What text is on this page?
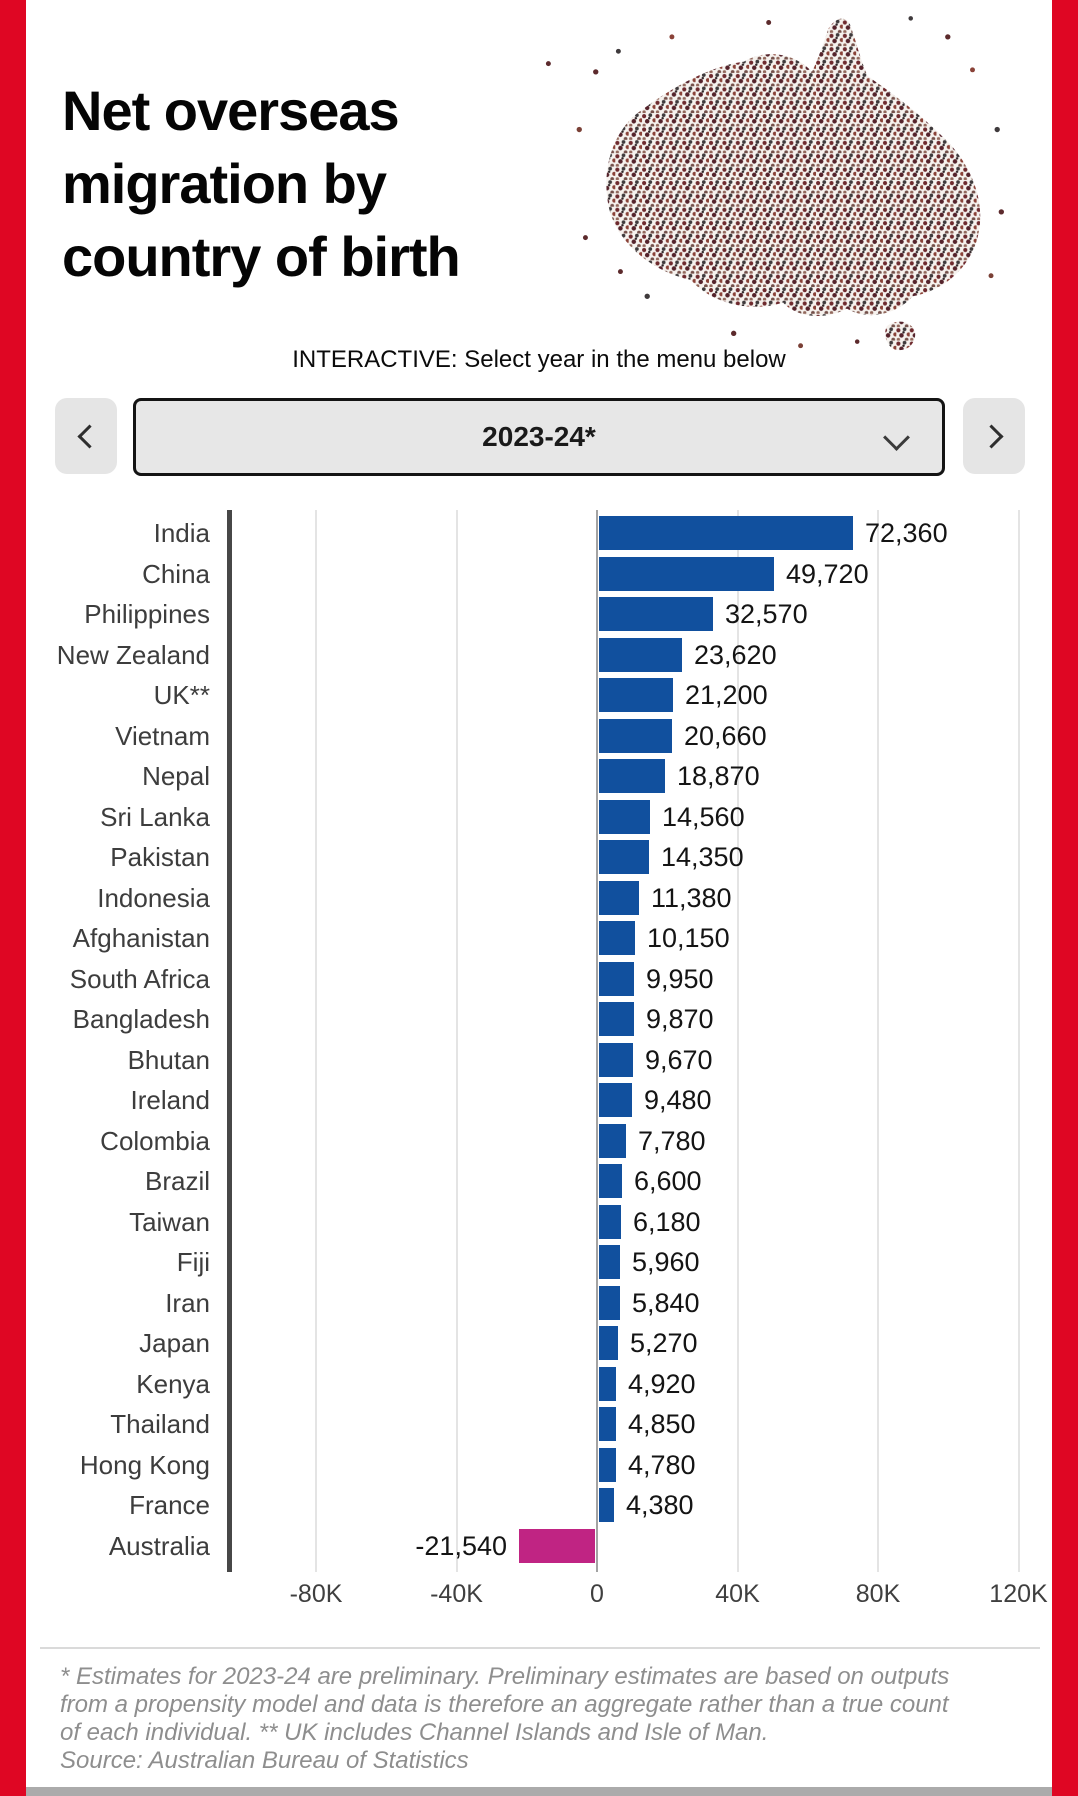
Net overseas migration by country of birth
INTERACTIVE: Select year in the menu below
2023-24*
-80K	-40K	0	40K	80K	120K
India	72,360
China	49,720
Philippines	32,570
New Zealand	23,620
UK**	21,200
Vietnam	20,660
Nepal	18,870
Sri Lanka	14,560
Pakistan	14,350
Indonesia	11,380
Afghanistan	10,150
South Africa	9,950
Bangladesh	9,870
Bhutan	9,670
Ireland	9,480
Colombia	7,780
Brazil	6,600
Taiwan	6,180
Fiji	5,960
Iran	5,840
Japan	5,270
Kenya	4,920
Thailand	4,850
Hong Kong	4,780
France	4,380
Australia	-21,540
* Estimates for 2023-24 are preliminary. Preliminary estimates are based on outputs from a propensity model and data is therefore an aggregate rather than a true count of each individual. ** UK includes Channel Islands and Isle of Man.
Source: Australian Bureau of Statistics
